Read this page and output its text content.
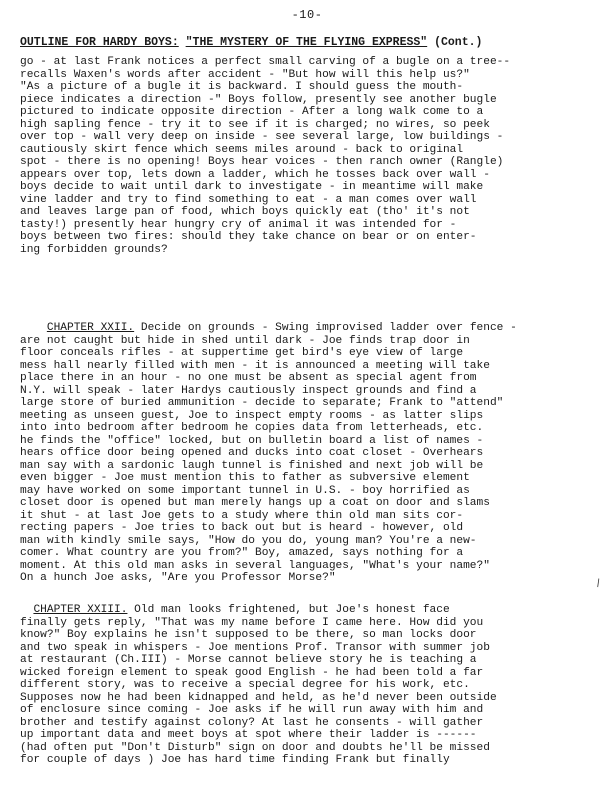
-10-
OUTLINE FOR HARDY BOYS: "THE MYSTERY OF THE FLYING EXPRESS" (Cont.)
go - at last Frank notices a perfect small carving of a bugle on a tree--
recalls Waxen's words after accident - "But how will this help us?"
"As a picture of a bugle it is backward. I should guess the mouth-
piece indicates a direction -" Boys follow, presently see another bugle
pictured to indicate opposite direction - After a long walk come to a
high sapling fence - try it to see if it is charged; no wires, so peek
over top - wall very deep on inside - see several large, low buildings -
cautiously skirt fence which seems miles around - back to original
spot - there is no opening! Boys hear voices - then ranch owner (Rangle)
appears over top, lets down a ladder, which he tosses back over wall -
boys decide to wait until dark to investigate - in meantime will make
vine ladder and try to find something to eat - a man comes over wall
and leaves large pan of food, which boys quickly eat (tho' it's not
tasty!) presently hear hungry cry of animal it was intended for -
boys between two fires: should they take chance on bear or on enter-
ing forbidden grounds?
CHAPTER XXII. Decide on grounds - Swing improvised ladder over fence -
are not caught but hide in shed until dark - Joe finds trap door in
floor conceals rifles - at suppertime get bird's eye view of large
mess hall nearly filled with men - it is announced a meeting will take
place there in an hour - no one must be absent as special agent from
N.Y. will speak - later Hardys cautiously inspect grounds and find a
large store of buried ammunition - decide to separate; Frank to "attend"
meeting as unseen guest, Joe to inspect empty rooms - as latter slips
into into bedroom after bedroom he copies data from letterheads, etc.
he finds the "office" locked, but on bulletin board a list of names -
hears office door being opened and ducks into coat closet - Overhears
man say with a sardonic laugh tunnel is finished and next job will be
even bigger - Joe must mention this to father as subversive element
may have worked on some important tunnel in U.S. - boy horrified as
closet door is opened but man merely hangs up a coat on door and slams
it shut - at last Joe gets to a study where thin old man sits cor-
recting papers - Joe tries to back out but is heard - however, old
man with kindly smile says, "How do you do, young man? You're a new-
comer. What country are you from?" Boy, amazed, says nothing for a
moment. At this old man asks in several languages, "What's your name?"
On a hunch Joe asks, "Are you Professor Morse?"
CHAPTER XXIII. Old man looks frightened, but Joe's honest face
finally gets reply, "That was my name before I came here. How did you
know?" Boy explains he isn't supposed to be there, so man locks door
and two speak in whispers - Joe mentions Prof. Transor with summer job
at restaurant (Ch.III) - Morse cannot believe story he is teaching a
wicked foreign element to speak good English - he had been told a far
different story, was to receive a special degree for his work, etc.
Supposes now he had been kidnapped and held, as he'd never been outside
of enclosure since coming - Joe asks if he will run away with him and
brother and testify against colony? At last he consents - will gather
up important data and meet boys at spot where their ladder is ------
(had often put "Don't Disturb" sign on door and doubts he'll be missed
for couple of days ) Joe has hard time finding Frank but finally
∖
